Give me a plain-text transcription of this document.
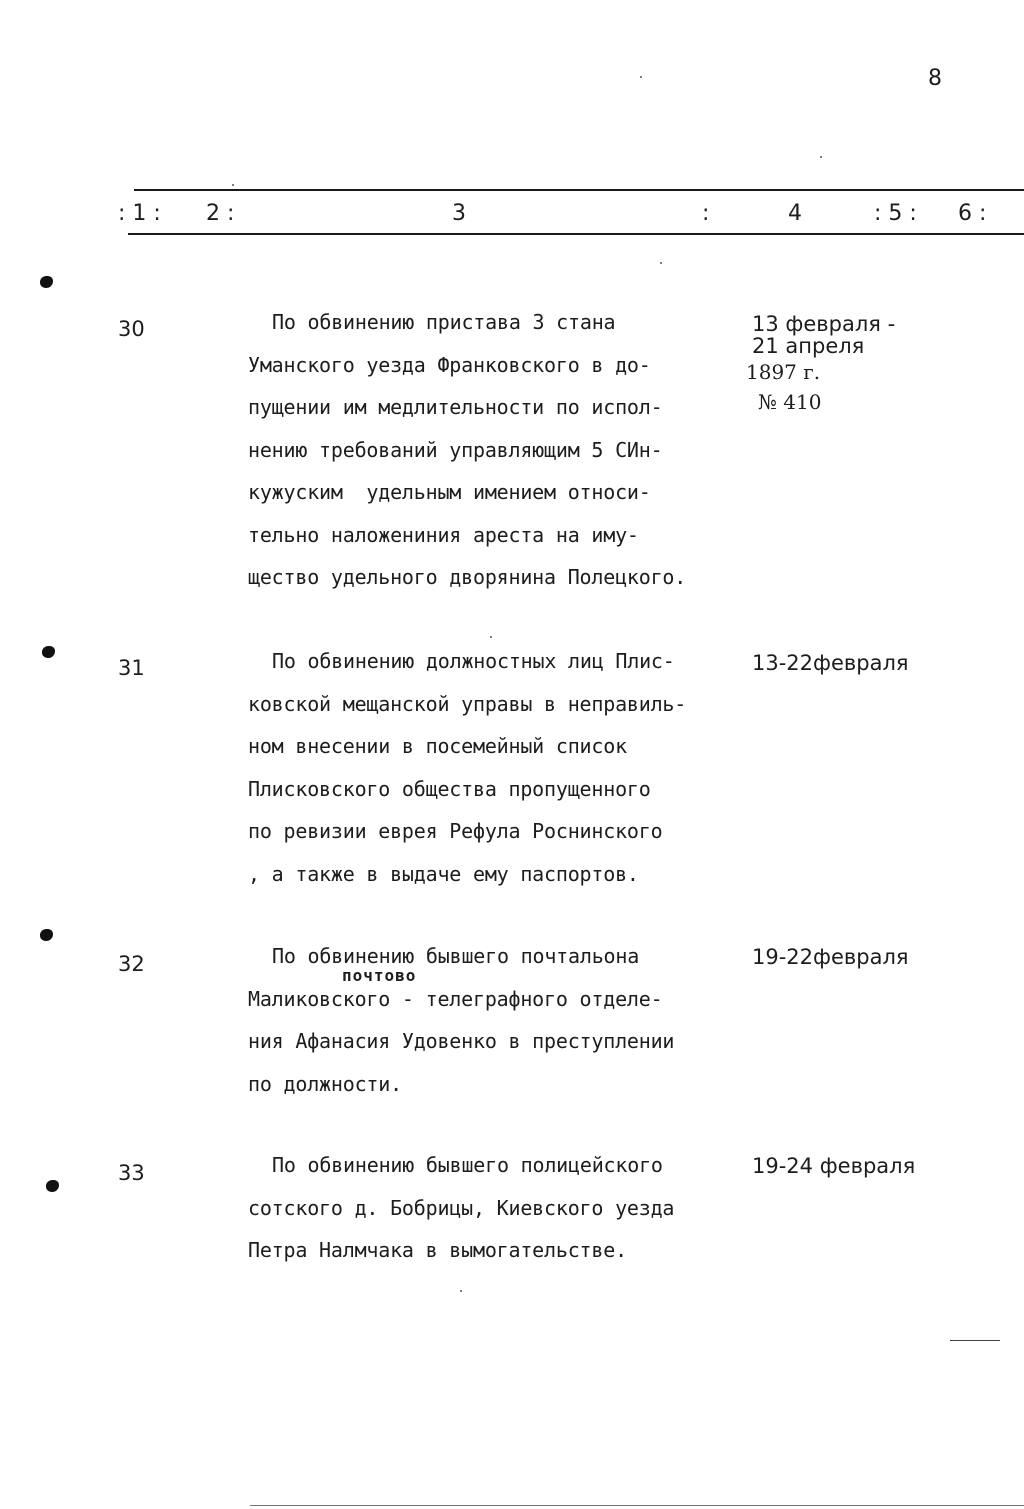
8
: 1 : 2 :	3	:	4	: 5 : 6 :
30	По обвинению пристава 3 стана
Уманского уезда Франковского в до-
пущении им медлительности по испол-
нению требований управляющим 5 СИн-
кужуским  удельным имением относи-
тельно наложениния ареста на иму-
щество удельного дворянина Полецкого.
13 февраля -
21 апреля
1897 г.
№ 410
31	По обвинению должностных лиц Плис-
ковской мещанской управы в неправиль-
ном внесении в посемейный список
Плисковского общества пропущенного
по ревизии еврея Рефула Роснинского
, а также в выдаче ему паспортов.
13-22февраля
32	почтово
По обвинению бывшего почтальона
Маликовского - телеграфного отделе-
ния Афанасия Удовенко в преступлении
по должности.
19-22февраля
33	По обвинению бывшего полицейского
сотского д. Бобрицы, Киевского уезда
Петра Налмчака в вымогательстве.
19-24 февраля
